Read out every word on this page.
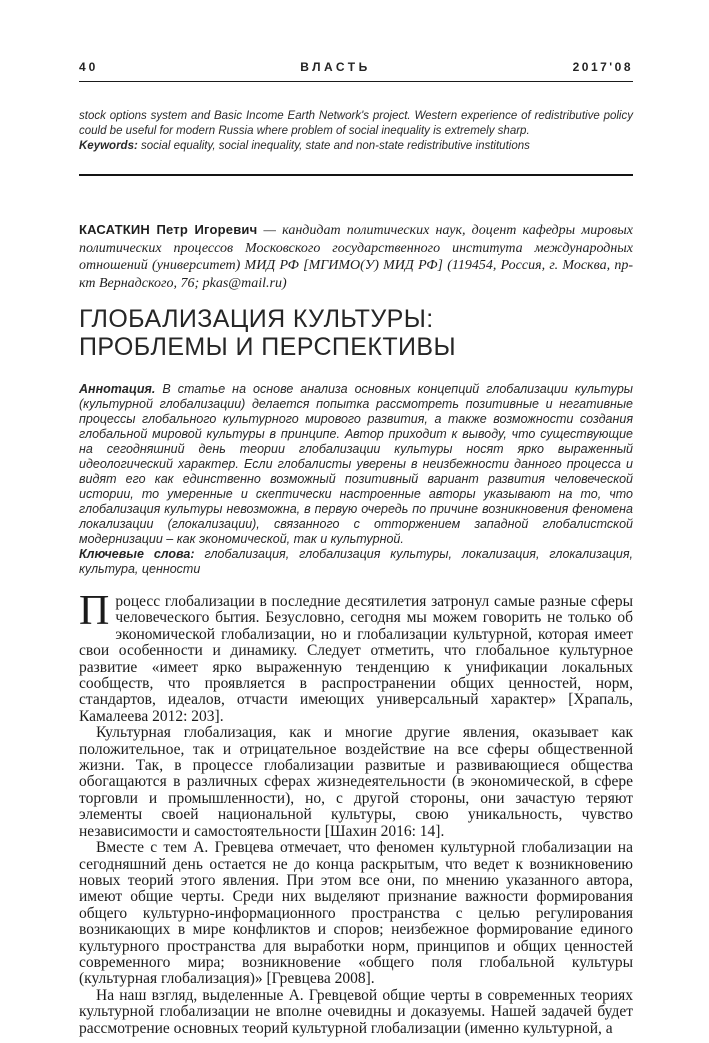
40	ВЛАСТЬ	2017'08

stock options system and Basic Income Earth Network's project. Western experience of redistributive policy could be useful for modern Russia where problem of social inequality is extremely sharp.

Keywords: social equality, social inequality, state and non-state redistributive institutions

КАСАТКИН Петр Игоревич — кандидат политических наук, доцент кафедры мировых политических процессов Московского государственного института международных отношений (университет) МИД РФ [МГИМО(У) МИД РФ] (119454, Россия, г. Москва, пр-кт Вернадского, 76; pkas@mail.ru)

ГЛОБАЛИЗАЦИЯ КУЛЬТУРЫ:
ПРОБЛЕМЫ И ПЕРСПЕКТИВЫ

Аннотация. В статье на основе анализа основных концепций глобализации культуры (культурной глобализации) делается попытка рассмотреть позитивные и негативные процессы глобального культурного мирового развития, а также возможности создания глобальной мировой культуры в принципе. Автор приходит к выводу, что существующие на сегодняшний день теории глобализации культуры носят ярко выраженный идеологический характер. Если глобалисты уверены в неизбежности данного процесса и видят его как единственно возможный позитивный вариант развития человеческой истории, то умеренные и скептически настроенные авторы указывают на то, что глобализация культуры невозможна, в первую очередь по причине возникновения феномена локализации (глокализации), связанного с отторжением западной глобалистской модернизации – как экономической, так и культурной.

Ключевые слова: глобализация, глобализация культуры, локализация, глокализация, культура, ценности

Процесс глобализации в последние десятилетия затронул самые разные сферы человеческого бытия. Безусловно, сегодня мы можем говорить не только об экономической глобализации, но и глобализации культурной, которая имеет свои особенности и динамику. Следует отметить, что глобальное культурное развитие «имеет ярко выраженную тенденцию к унификации локальных сообществ, что проявляется в распространении общих ценностей, норм, стандартов, идеалов, отчасти имеющих универсальный характер» [Храпаль, Камалеева 2012: 203].

Культурная глобализация, как и многие другие явления, оказывает как положительное, так и отрицательное воздействие на все сферы общественной жизни. Так, в процессе глобализации развитые и развивающиеся общества обогащаются в различных сферах жизнедеятельности (в экономической, в сфере торговли и промышленности), но, с другой стороны, они зачастую теряют элементы своей национальной культуры, свою уникальность, чувство независимости и самостоятельности [Шахин 2016: 14].

Вместе с тем А. Гревцева отмечает, что феномен культурной глобализации на сегодняшний день остается не до конца раскрытым, что ведет к возникновению новых теорий этого явления. При этом все они, по мнению указанного автора, имеют общие черты. Среди них выделяют признание важности формирования общего культурно-информационного пространства с целью регулирования возникающих в мире конфликтов и споров; неизбежное формирование единого культурного пространства для выработки норм, принципов и общих ценностей современного мира; возникновение «общего поля глобальной культуры (культурная глобализация)» [Гревцева 2008].

На наш взгляд, выделенные А. Гревцевой общие черты в современных теориях культурной глобализации не вполне очевидны и доказуемы. Нашей задачей будет рассмотрение основных теорий культурной глобализации (именно культурной, а
